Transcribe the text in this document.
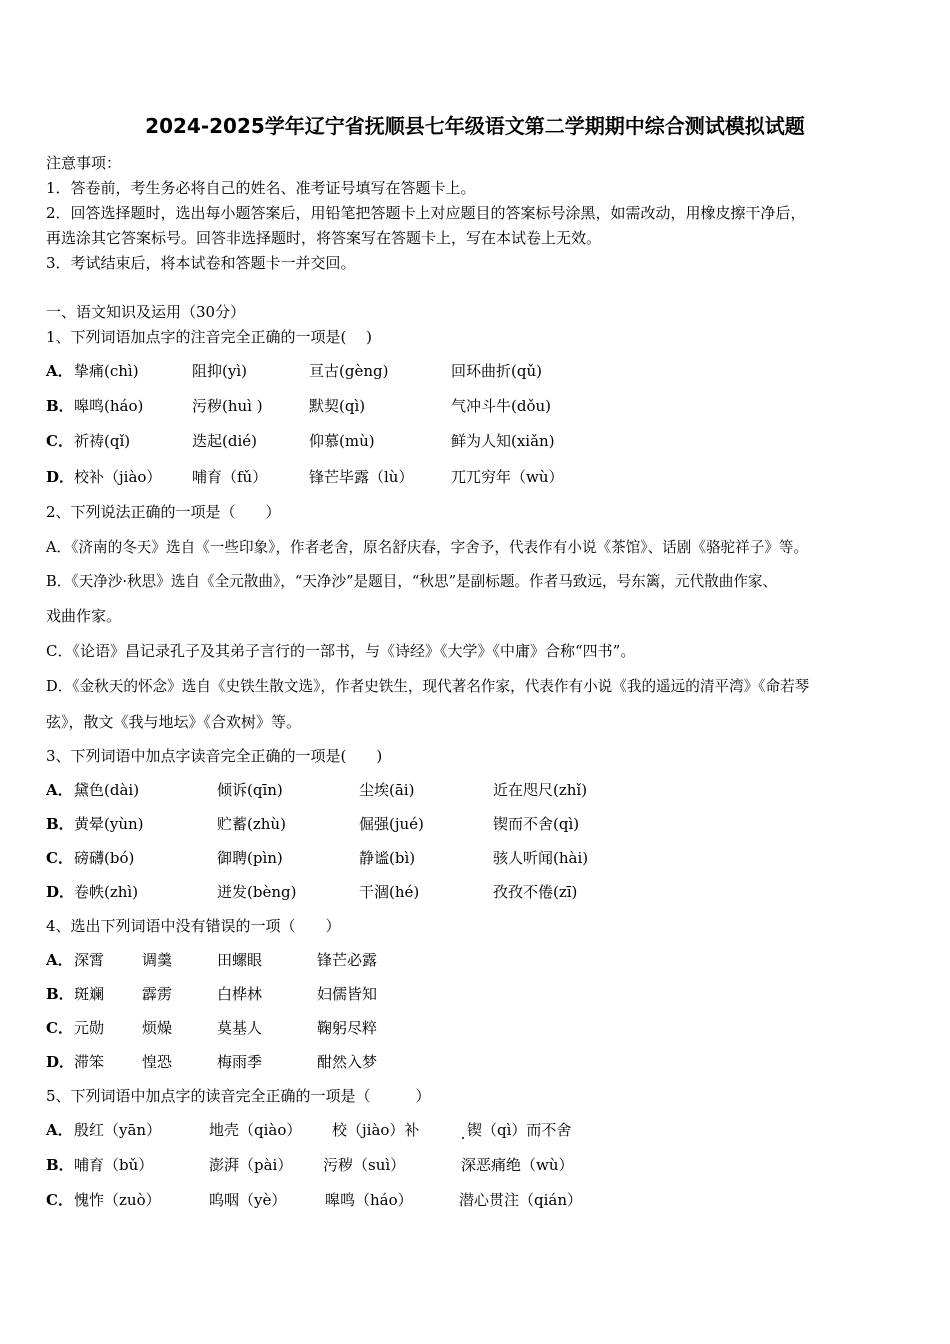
2024-2025学年辽宁省抚顺县七年级语文第二学期期中综合测试模拟试题
注意事项：
1．答卷前，考生务必将自己的姓名、准考证号填写在答题卡上。
2．回答选择题时，选出每小题答案后，用铅笔把答题卡上对应题目的答案标号涂黑，如需改动，用橡皮擦干净后，
再选涂其它答案标号。回答非选择题时，将答案写在答题卡上，写在本试卷上无效。
3．考试结束后，将本试卷和答题卡一并交回。
一、语文知识及运用（30分）
1、下列词语加点字的注音完全正确的一项是(　 )
A． 挚痛(chì)	阻抑(yì)	亘古(gèng)	回环曲折(qǔ)
B． 嗥鸣(háo)	污秽(huì )	默契(qì)	气冲斗牛(dǒu)
C． 祈祷(qǐ)	迭起(dié)	仰慕(mù)	鲜为人知(xiǎn)
D． 校补（jiào） 哺育（fǔ）	锋芒毕露（lù）	兀兀穷年（wù）
2、下列说法正确的一项是（　　）
A．《济南的冬天》选自《一些印象》，作者老舍，原名舒庆春，字舍予，代表作有小说《茶馆》、话剧《骆驼祥子》等。
B．《天净沙·秋思》选自《全元散曲》，“天净沙”是题目，“秋思”是副标题。作者马致远，号东篱，元代散曲作家、
戏曲作家。
C．《论语》昌记录孔子及其弟子言行的一部书，与《诗经》《大学》《中庸》合称“四书”。
D．《金秋天的怀念》选自《史铁生散文选》，作者史铁生，现代著名作家，代表作有小说《我的遥远的清平湾》《命若琴
弦》，散文《我与地坛》《合欢树》等。
3、下列词语中加点字读音完全正确的一项是(　　)
A． 黛色(dài)	倾诉(qīn)	尘埃(āi)	近在咫尺(zhǐ)
B． 黄晕(yùn)	贮蓄(zhù)	倔强(jué)	锲而不舍(qì)
C． 磅礴(bó)	御聘(pìn)	静谧(bì)	骇人听闻(hài)
D． 卷帙(zhì)	迸发(bèng)	干涸(hé)	孜孜不倦(zī)
4、选出下列词语中没有错误的一项（　　）
A． 深霄	调羹	田螺眼	锋芒必露
B． 斑斓	霹雳	白桦林	妇儒皆知
C． 元勋	烦燥	莫基人	鞠躬尽粹
D． 滞笨	惶恐	梅雨季	酣然入梦
5、下列词语中加点字的读音完全正确的一项是（　　　）
A． 殷红（yān）	地壳（qiào） 校（jiào）补	锲（qì）而不舍
B． 哺育（bǔ）	澎湃（pài） 污秽（suì）	深恶痛绝（wù）
C． 愧怍（zuò）	呜咽（yè）	嗥鸣（háo）	潜心贯注（qián）
